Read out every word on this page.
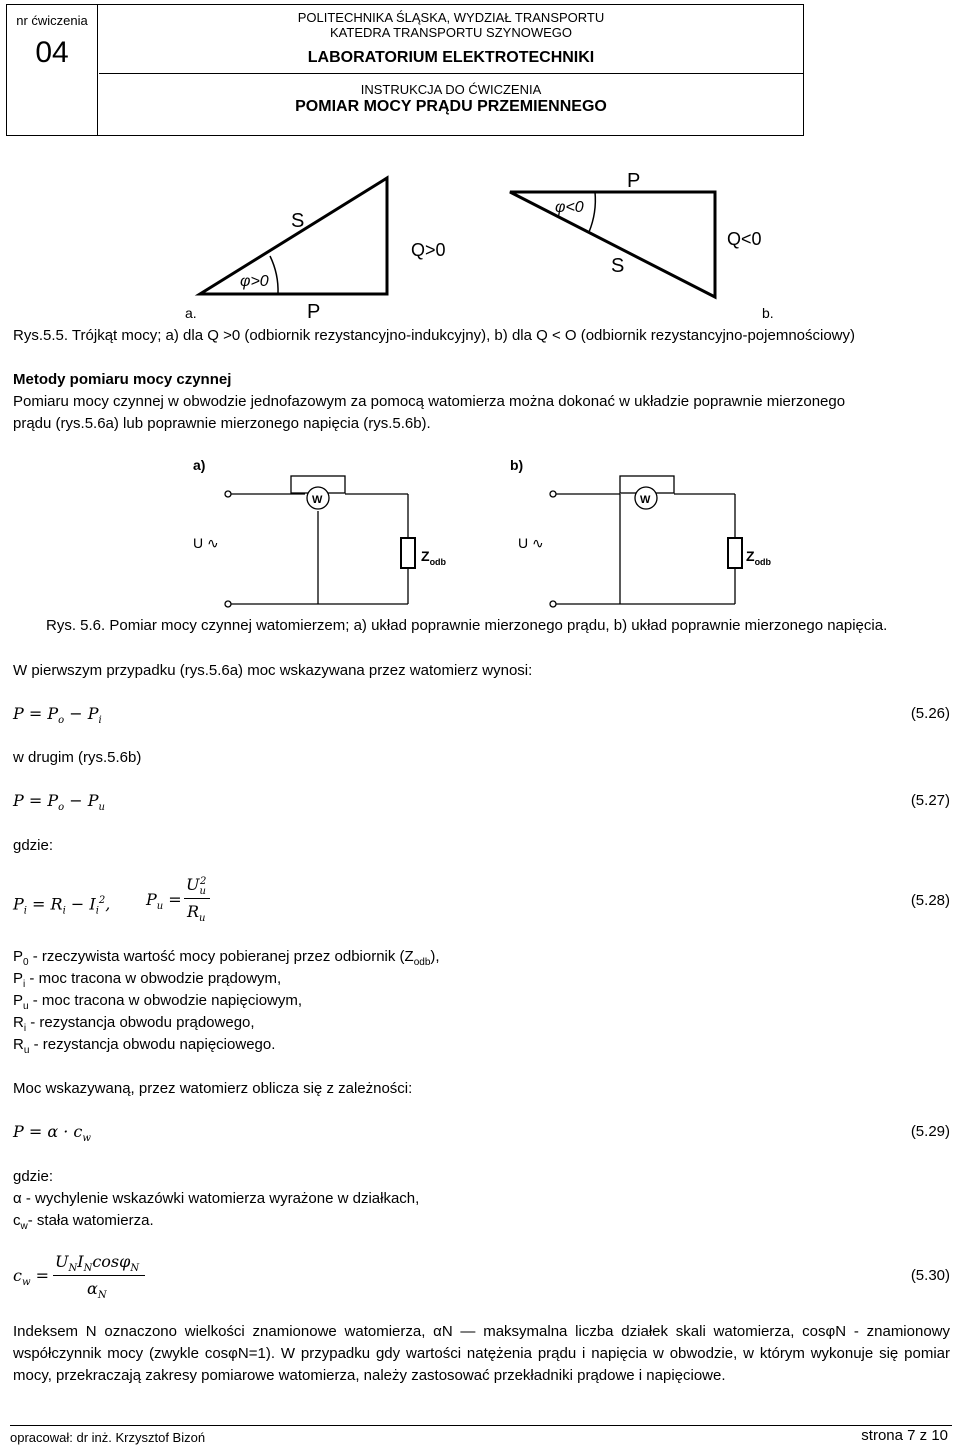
nr ćwiczenia
04
POLITECHNIKA ŚLĄSKA, WYDZIAŁ TRANSPORTU
KATEDRA TRANSPORTU SZYNOWEGO
LABORATORIUM ELEKTROTECHNIKI
INSTRUKCJA DO ĆWICZENIA
POMIAR MOCY PRĄDU PRZEMIENNEGO
S
Q>0
φ>0
P
a.
P
φ<0
Q<0
S
b.
Rys.5.5. Trójkąt mocy; a) dla Q >0 (odbiornik rezystancyjno-indukcyjny), b) dla Q < O (odbiornik rezystancyjno-pojemnościowy)
Metody pomiaru mocy czynnej
Pomiaru mocy czynnej w obwodzie jednofazowym za pomocą watomierza można dokonać w układzie poprawnie mierzonego
prądu (rys.5.6a) lub poprawnie mierzonego napięcia (rys.5.6b).
a)
W
U ∿
$Z_{odb}$
b)
W
U ∿
$Z_{odb}$
Rys. 5.6. Pomiar mocy czynnej watomierzem; a) układ poprawnie mierzonego prądu, b) układ poprawnie mierzonego napięcia.
W pierwszym przypadku (rys.5.6a) moc wskazywana przez watomierz wynosi:
$P = P_o - P_i$	(5.26)
w drugim (rys.5.6b)
$P = P_o - P_u$	(5.27)
gdzie:
$P_i = R_i - I_i^2$, $P_u$ =
$U_u^2$
$R_u$
(5.28)
$P_0$ - rzeczywista wartość mocy pobieranej przez odbiornik $(Z_{odb})$,
$P_i$ - moc tracona w obwodzie prądowym,
$P_u$ - moc tracona w obwodzie napięciowym,
$R_i$ - rezystancja obwodu prądowego,
$R_u$ - rezystancja obwodu napięciowego.
Moc wskazywaną, przez watomierz oblicza się z zależności:
$P = \alpha \cdot c_w$	(5.29)
gdzie:
α - wychylenie wskazówki watomierza wyrażone w działkach,
$c_w-$ stała watomierza.
$c_w$ =
$U_NI_N\cos\varphi_N$
$\alpha_N$
(5.30)
Indeksem N oznaczono wielkości znamionowe watomierza, αN — maksymalna liczba działek skali watomierza, cosφN - znamionowy współczynnik mocy (zwykle cosφN=1). W przypadku gdy wartości natężenia prądu i napięcia w obwodzie, w którym wykonuje się pomiar mocy, przekraczają zakresy pomiarowe watomierza, należy zastosować przekładniki prądowe i napięciowe.
opracował: dr inż. Krzysztof Bizoń	strona 7 z 10
